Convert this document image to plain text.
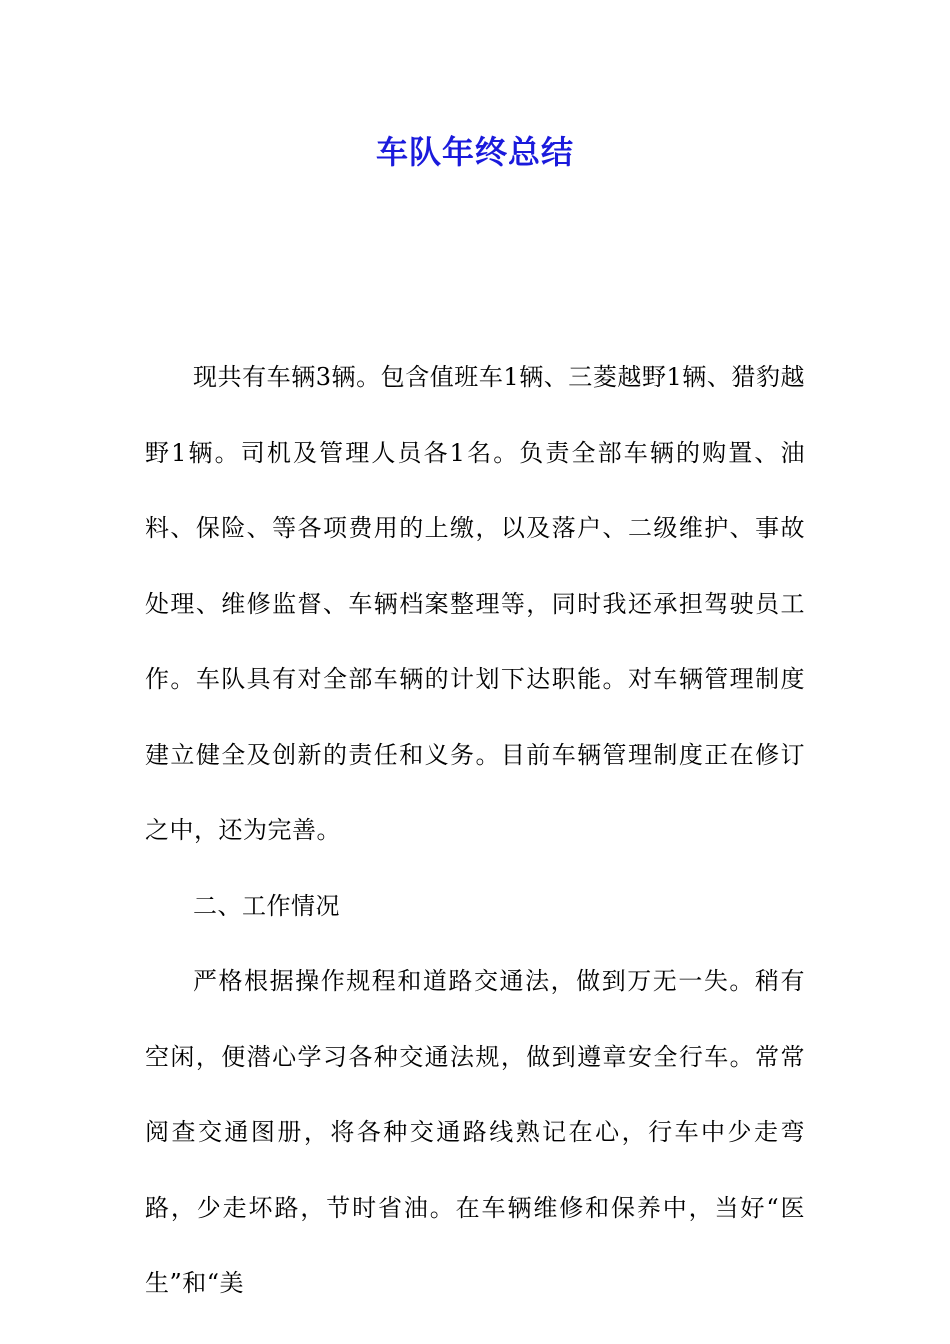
车队年终总结

现共有车辆3辆。包含值班车1辆、三菱越野1辆、猎豹越野1辆。司机及管理人员各1名。负责全部车辆的购置、油料、保险、等各项费用的上缴，以及落户、二级维护、事故处理、维修监督、车辆档案整理等，同时我还承担驾驶员工作。车队具有对全部车辆的计划下达职能。对车辆管理制度建立健全及创新的责任和义务。目前车辆管理制度正在修订之中，还为完善。

二、工作情况

严格根据操作规程和道路交通法，做到万无一失。稍有空闲，便潜心学习各种交通法规，做到遵章安全行车。常常阅查交通图册，将各种交通路线熟记在心，行车中少走弯路，少走坏路，节时省油。在车辆维修和保养中，当好“医生”和“美
